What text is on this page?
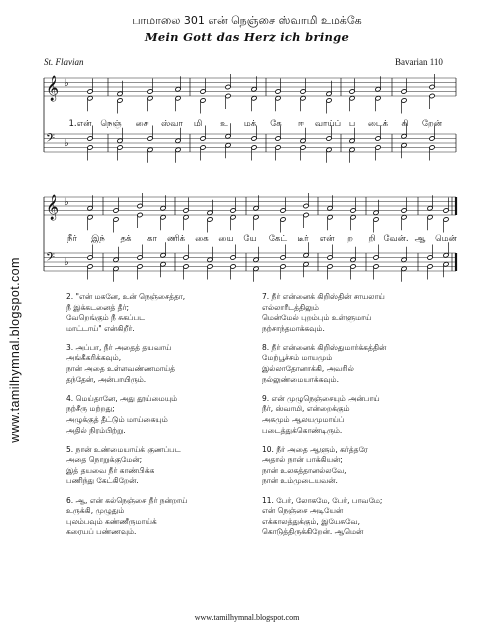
பாமாலை 301 என் நெஞ்சை ஸ்வாமி உமக்கே
Mein Gott das Herz ich bringe
St. Flavian	Bavarian 110
www.tamilhymnal.blogspot.com
𝄞 ♭
𝄢 ♭
𝄞 ♭
𝄢 ♭
1.என் நெஞ் சை ஸ்வா மி உ மக் கே ஈ வாய்ப் ப டைக் கி றேன்
நீர் இந் தக் கா ணிக் கை யை யே கேட் டீர் என் ற றி வேன். ஆ மென்
2. "என் மகனே, உன் நெஞ்சைத்தா,
நீ இக்கடனைத் தீர்;
வேறெங்கும் நீ சுகப்பட
மாட்டாய்" என்கிறீர்.
3. அப்பா, நீர் அதைத் தயவாய்
அங்கீகரிக்கவும்,
நான் அதை உள்ளவண்ணமாய்த்
தந்தேன், அன்பாயிரும்.
4. மெய்தானே, அது தூய்மையும்
நற்சீரு மற்றது;
அழுக்குத் தீட்டும் மாய்கையும்
அதில் நிரம்பிற்று.
5. நான் உண்மையாய்க் குணப்பட
அதை நொறுக்குமேன்;
இத் தயவை நீர் காண்பிக்க
பணிந்து கேட்கிறேன்.
6. ஆ, என் கல்நெஞ்சை நீர் நன்றாய்
உருக்கி, முழுதும்
புலம்பவும் கண்ணீருமாய்க்
கரையப் பண்ணவும்.
7. நீர் என்னைக் கிறிஸ்தின் சாயலாய்
எல்லாரீடத்திலும்
மென்மேல் புறம்பும் உள்ளுமாய்
நற்சாந்தமாக்கவும்.
8. நீர் என்னைக் கிறிஸ்துமார்க்கத்தின்
மேற்பூச்சம் மாயமும்
இல்லாதோனாக்கி, அவரில்
நல்லுண்மையாக்கவும்.
9. என் முழுநெஞ்சையும் அன்பாய்
நீர், ஸ்வாமி, என்றைக்கும்
அசுமும் ஆலயமுமாய்ப்
படைத்துக்கொண்டிரும்.
10. நீர் அதை ஆளும், கர்த்தரே
அதால் நான் பாக்கியன்;
நான் உலகத்தானல்லவே,
நான் உம்முடையவன்.
11. பேர், லோகமே, பேர், பாவமே;
என் நெஞ்சை அடியேன்
எக்காலத்துக்கும், இயேசுவே,
கொடுத்திருக்கிறேன். ஆமென்
www.tamilhymnal.blogspot.com
